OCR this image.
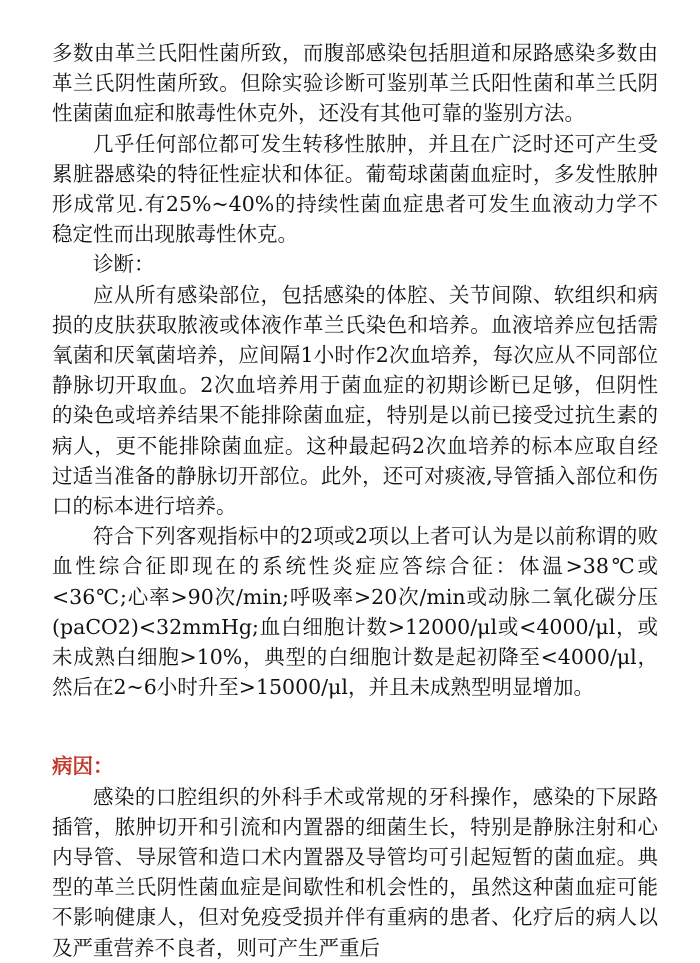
多数由革兰氏阳性菌所致，而腹部感染包括胆道和尿路感染多数由革兰氏阴性菌所致。但除实验诊断可鉴别革兰氏阳性菌和革兰氏阴性菌菌血症和脓毒性休克外，还没有其他可靠的鉴别方法。

几乎任何部位都可发生转移性脓肿，并且在广泛时还可产生受累脏器感染的特征性症状和体征。葡萄球菌菌血症时，多发性脓肿形成常见.有25%~40%的持续性菌血症患者可发生血液动力学不稳定性而出现脓毒性休克。

诊断：

应从所有感染部位，包括感染的体腔、关节间隙、软组织和病损的皮肤获取脓液或体液作革兰氏染色和培养。血液培养应包括需氧菌和厌氧菌培养，应间隔1小时作2次血培养，每次应从不同部位静脉切开取血。2次血培养用于菌血症的初期诊断已足够，但阴性的染色或培养结果不能排除菌血症，特别是以前已接受过抗生素的病人，更不能排除菌血症。这种最起码2次血培养的标本应取自经过适当准备的静脉切开部位。此外，还可对痰液,导管插入部位和伤口的标本进行培养。

符合下列客观指标中的2项或2项以上者可认为是以前称谓的败血性综合征即现在的系统性炎症应答综合征：体温>38℃或<36℃;心率>90次/min;呼吸率>20次/min或动脉二氧化碳分压(paCO2)<32mmHg;血白细胞计数>12000/μl或<4000/μl，或未成熟白细胞>10%，典型的白细胞计数是起初降至<4000/μl，然后在2~6小时升至>15000/μl，并且未成熟型明显增加。

病因：

感染的口腔组织的外科手术或常规的牙科操作，感染的下尿路插管，脓肿切开和引流和内置器的细菌生长，特别是静脉注射和心内导管、导尿管和造口术内置器及导管均可引起短暂的菌血症。典型的革兰氏阴性菌血症是间歇性和机会性的，虽然这种菌血症可能不影响健康人，但对免疫受损并伴有重病的患者、化疗后的病人以及严重营养不良者，则可产生严重后
